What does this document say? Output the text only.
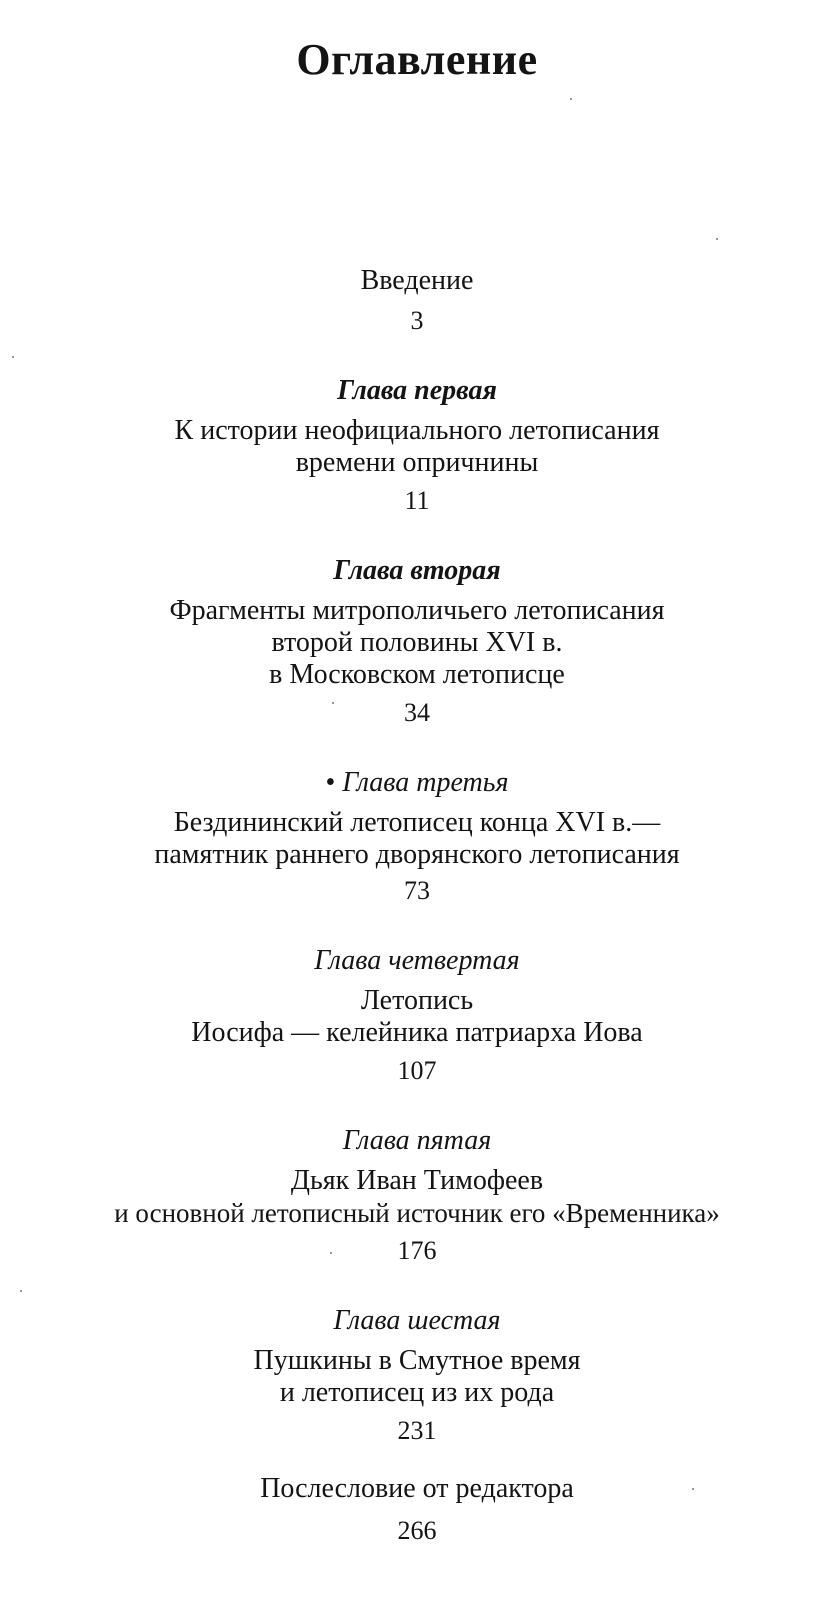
Оглавление
Введение
3
Глава первая
К истории неофициального летописания
времени опричнины
11
Глава вторая
Фрагменты митрополичьего летописания
второй половины XVI в.
в Московском летописце
34
• Глава третья
Бездининский летописец конца XVI в.—
памятник раннего дворянского летописания
73
Глава четвертая
Летопись
Иосифа — келейника патриарха Иова
107
Глава пятая
Дьяк Иван Тимофеев
и основной летописный источник его «Временника»
176
Глава шестая
Пушкины в Смутное время
и летописец из их рода
231
Послесловие от редактора
266
